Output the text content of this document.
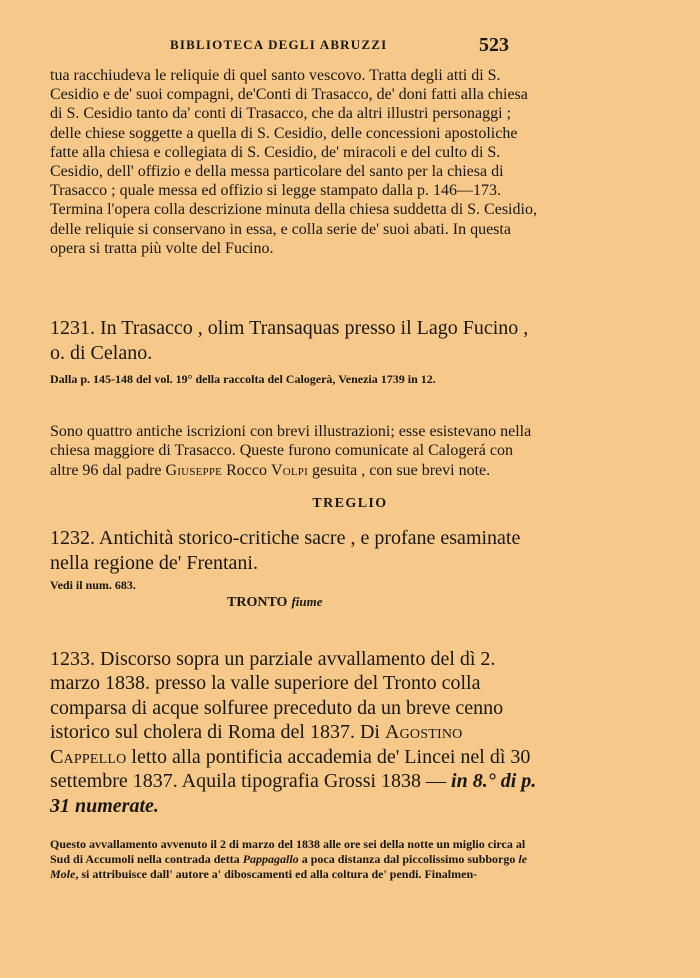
BIBLIOTECA DEGLI ABRUZZI	523
tua racchiudeva le reliquie di quel santo vescovo. Tratta degli atti di S. Cesidio e de' suoi compagni, de'Conti di Trasacco, de' doni fatti alla chiesa di S. Cesidio tanto da' conti di Trasacco, che da altri illustri personaggi ; delle chiese soggette a quella di S. Cesidio, delle concessioni apostoliche fatte alla chiesa e collegiata di S. Cesidio, de' miracoli e del culto di S. Cesidio, dell' offizio e della messa particolare del santo per la chiesa di Trasacco ; quale messa ed offizio si legge stampato dalla p. 146—173. Termina l'opera colla descrizione minuta della chiesa suddetta di S. Cesidio, delle reliquie si conservano in essa, e colla serie de' suoi abati. In questa opera si tratta più volte del Fucino.
1231. In Trasacco , olim Transaquas presso il Lago Fucino , o. di Celano.
Dalla p. 145-148 del vol. 19° della raccolta del Calogerà, Venezia 1739 in 12.

Sono quattro antiche iscrizioni con brevi illustrazioni; esse esistevano nella chiesa maggiore di Trasacco. Queste furono comunicate al Calogerá con altre 96 dal padre Giuseppe Rocco Volpi gesuita , con sue brevi note.

TREGLIO
1232. Antichità storico-critiche sacre , e profane esaminate nella regione de' Frentani.
Vedi il num. 683.
TRONTO fiume

1233. Discorso sopra un parziale avvallamento del dì 2. marzo 1838. presso la valle superiore del Tronto colla comparsa di acque solfuree preceduto da un breve cenno istorico sul cholera di Roma del 1837. Di Agostino Cappello letto alla pontificia accademia de' Lincei nel dì 30 settembre 1837. Aquila tipografia Grossi 1838 — in 8.° di p. 31 numerate.

Questo avvallamento avvenuto il 2 di marzo del 1838 alle ore sei della notte un miglio circa al Sud di Accumoli nella contrada detta Pappagallo a poca distanza dal piccolissimo subborgo le Mole, si attribuisce dall' autore a' diboscamenti ed alla coltura de' pendi. Finalmen-
